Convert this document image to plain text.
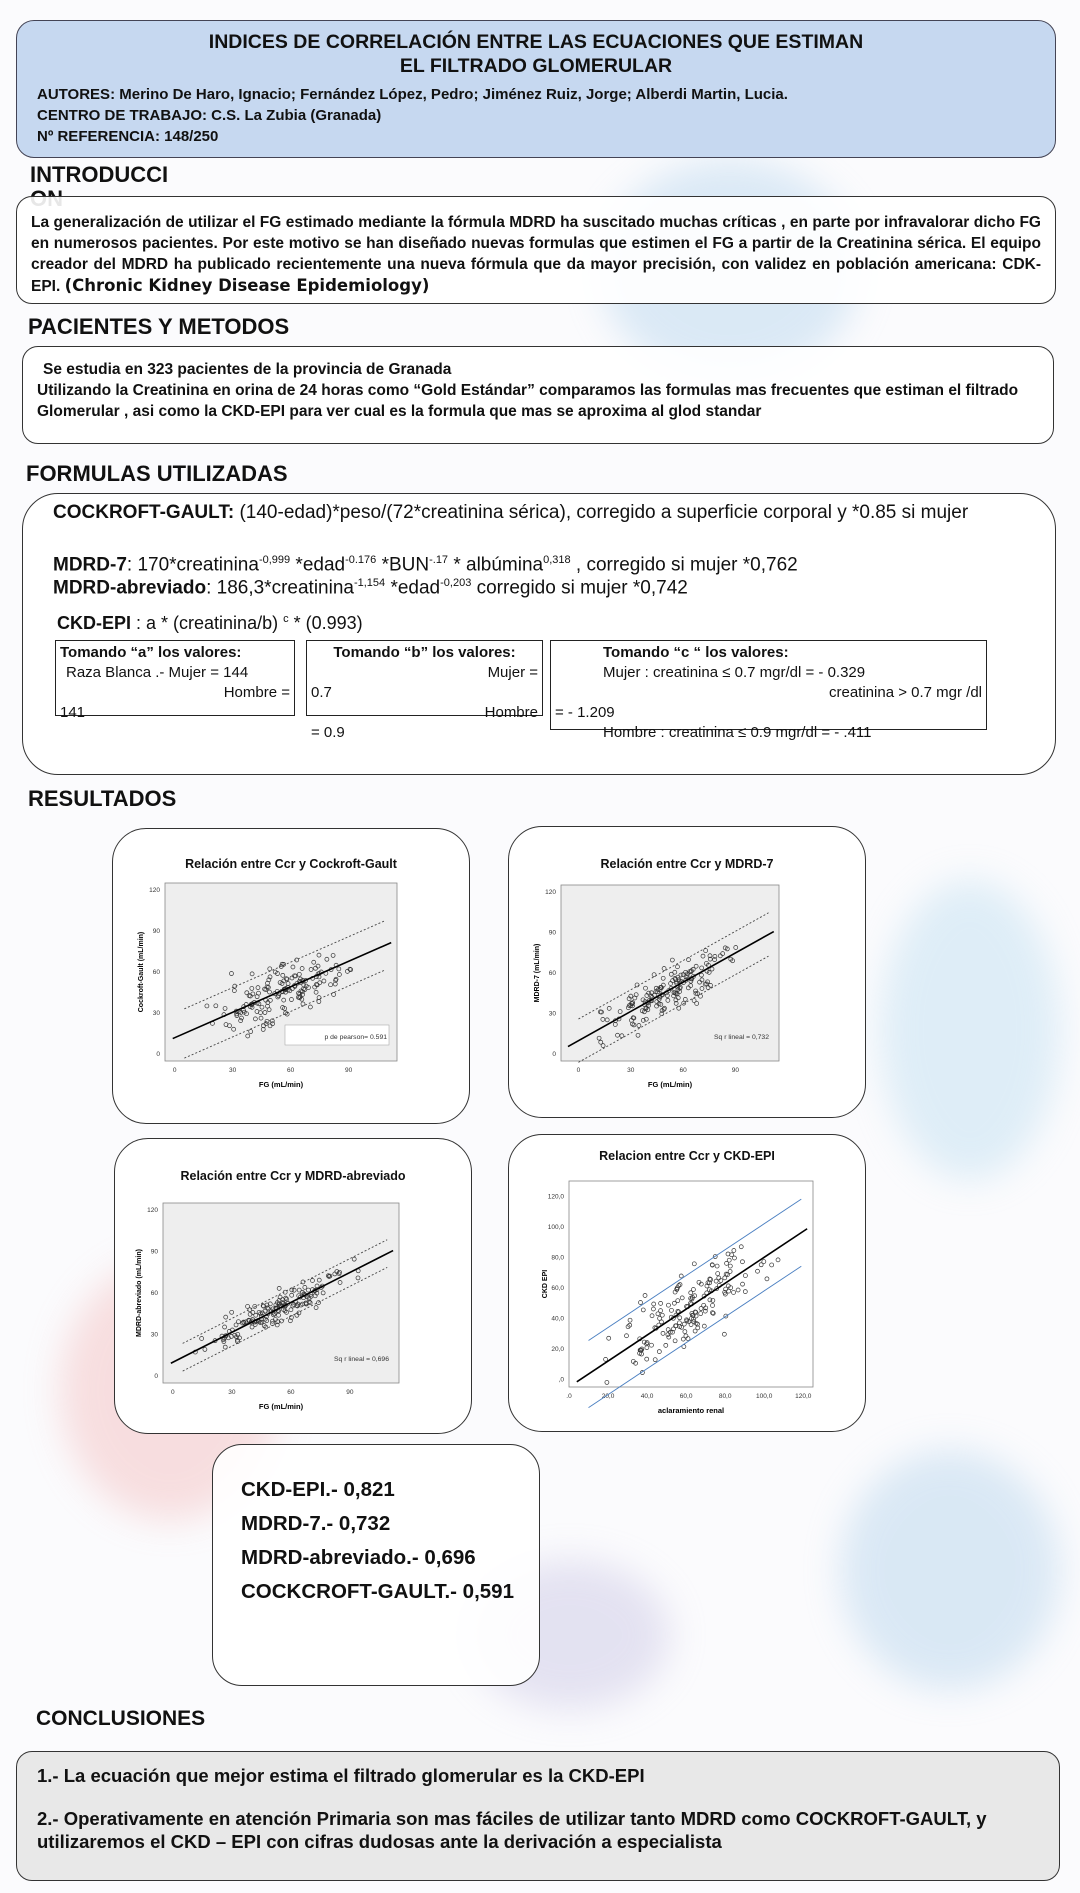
INDICES DE CORRELACIÓN ENTRE LAS ECUACIONES QUE ESTIMAN
EL FILTRADO GLOMERULAR
AUTORES: Merino De Haro, Ignacio; Fernández López, Pedro; Jiménez Ruiz, Jorge; Alberdi Martin, Lucia.
CENTRO DE TRABAJO: C.S. La Zubia (Granada)
Nº REFERENCIA: 148/250
INTRODUCCI
La generalización de utilizar el FG estimado mediante la fórmula MDRD ha suscitado muchas críticas , en parte por infravalorar dicho FG en numerosos pacientes. Por este motivo se han diseñado nuevas formulas que estimen el FG a partir de la Creatinina sérica. El equipo creador del MDRD ha publicado recientemente una nueva fórmula que da mayor precisión, con validez en población americana: CDK-EPI. (Chronic Kidney Disease Epidemiology)
PACIENTES Y METODOS
Se estudia en 323 pacientes de la provincia de Granada
Utilizando la Creatinina en orina de 24 horas como “Gold Estándar” comparamos las formulas mas frecuentes que estiman el filtrado Glomerular , asi como la CKD-EPI para ver cual es la formula que mas se aproxima al glod standar
FORMULAS UTILIZADAS
COCKROFT-GAULT: (140-edad)*peso/(72*creatinina sérica), corregido a superficie corporal y *0.85 si mujer
MDRD-7: 170*creatinina$^{-0,999}$ *edad$^{-0.176}$ $*BUN^{-.17}$ * albúmina$^{0,318}$ , corregido si mujer *0,762
MDRD-abreviado: 186,3*creatinina$^{-1,154}$ *edad$^{-0,203}$ corregido si mujer *0,742
CKD-EPI : a * (creatinina/b) $^c$ * (0.993)
Tomando “a” los valores:
Raza Blanca .- Mujer = 144
Hombre =
141
Tomando “b” los valores:
Mujer =
0.7
Hombre
= 0.9
Tomando “c “ los valores:
Mujer : creatinina ≤ 0.7 mgr/dl = - 0.329
creatinina > 0.7 mgr /dl
= - 1.209
Hombre : creatinina ≤ 0.9 mgr/dl = - .411
RESULTADOS
Relación entre Ccr y Cockroft-Gault
0	30	60	90
0
30
60
90
120
FG (mL/min)
Cockroft-Gault (mL/min)
p de pearson= 0.591
Relación entre Ccr y MDRD-7
0	30	60	90
0
30
60
90
120
FG (mL/min)
MDRD-7 (mL/min)
Sq r lineal = 0,732
Relación entre Ccr y MDRD-abreviado
0	30	60	90
0
30
60
90
120
FG (mL/min)
MDRD-abreviado (mL/min)
Sq r lineal = 0,696
Relacion entre Ccr y CKD-EPI
.0	20,0	40,0	60,0	80,0	100,0	120,0
,0
20,0
40,0
60,0
80,0
100,0
120,0
aclaramiento renal
CKD EPI
CKD-EPI.- 0,821
MDRD-7.- 0,732
MDRD-abreviado.- 0,696
COCKCROFT-GAULT.- 0,591
CONCLUSIONES
1.- La ecuación que mejor estima el filtrado glomerular es la CKD-EPI
2.- Operativamente en atención Primaria son mas fáciles de utilizar tanto MDRD como COCKROFT-GAULT, y utilizaremos el CKD – EPI con cifras dudosas ante la derivación a especialista
